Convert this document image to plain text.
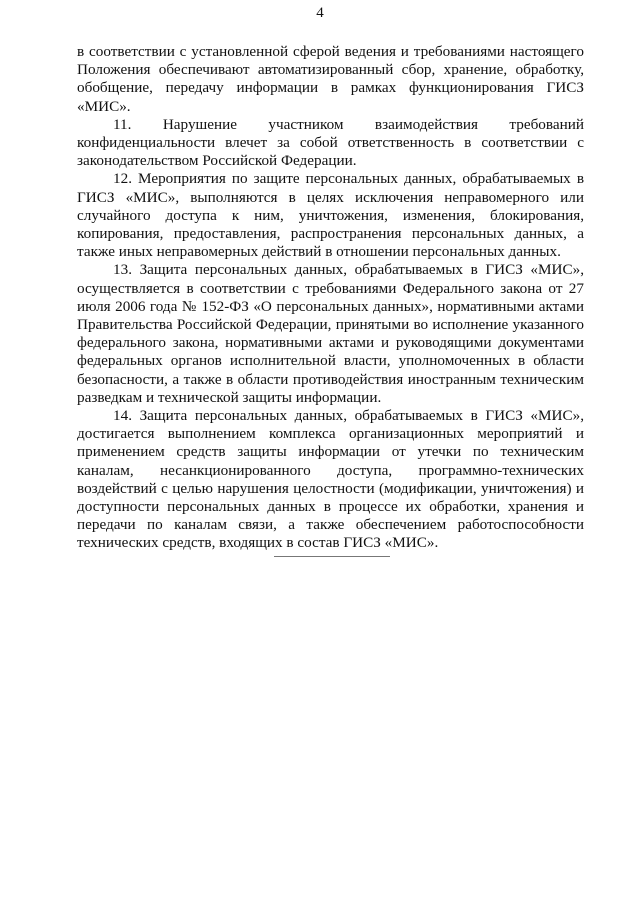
4

в соответствии с установленной сферой ведения и требованиями настоящего Положения обеспечивают автоматизированный сбор, хранение, обработку, обобщение, передачу информации в рамках функционирования ГИСЗ «МИС».

11. Нарушение участником взаимодействия требований конфиденциальности влечет за собой ответственность в соответствии с законодательством Российской Федерации.

12. Мероприятия по защите персональных данных, обрабатываемых в ГИСЗ «МИС», выполняются в целях исключения неправомерного или случайного доступа к ним, уничтожения, изменения, блокирования, копирования, предоставления, распространения персональных данных, а также иных неправомерных действий в отношении персональных данных.

13. Защита персональных данных, обрабатываемых в ГИСЗ «МИС», осуществляется в соответствии с требованиями Федерального закона от 27 июля 2006 года № 152-ФЗ «О персональных данных», нормативными актами Правительства Российской Федерации, принятыми во исполнение указанного федерального закона, нормативными актами и руководящими документами федеральных органов исполнительной власти, уполномоченных в области безопасности, а также в области противодействия иностранным техническим разведкам и технической защиты информации.

14. Защита персональных данных, обрабатываемых в ГИСЗ «МИС», достигается выполнением комплекса организационных мероприятий и применением средств защиты информации от утечки по техническим каналам, несанкционированного доступа, программно-технических воздействий с целью нарушения целостности (модификации, уничтожения) и доступности персональных данных в процессе их обработки, хранения и передачи по каналам связи, а также обеспечением работоспособности технических средств, входящих в состав ГИСЗ «МИС».
